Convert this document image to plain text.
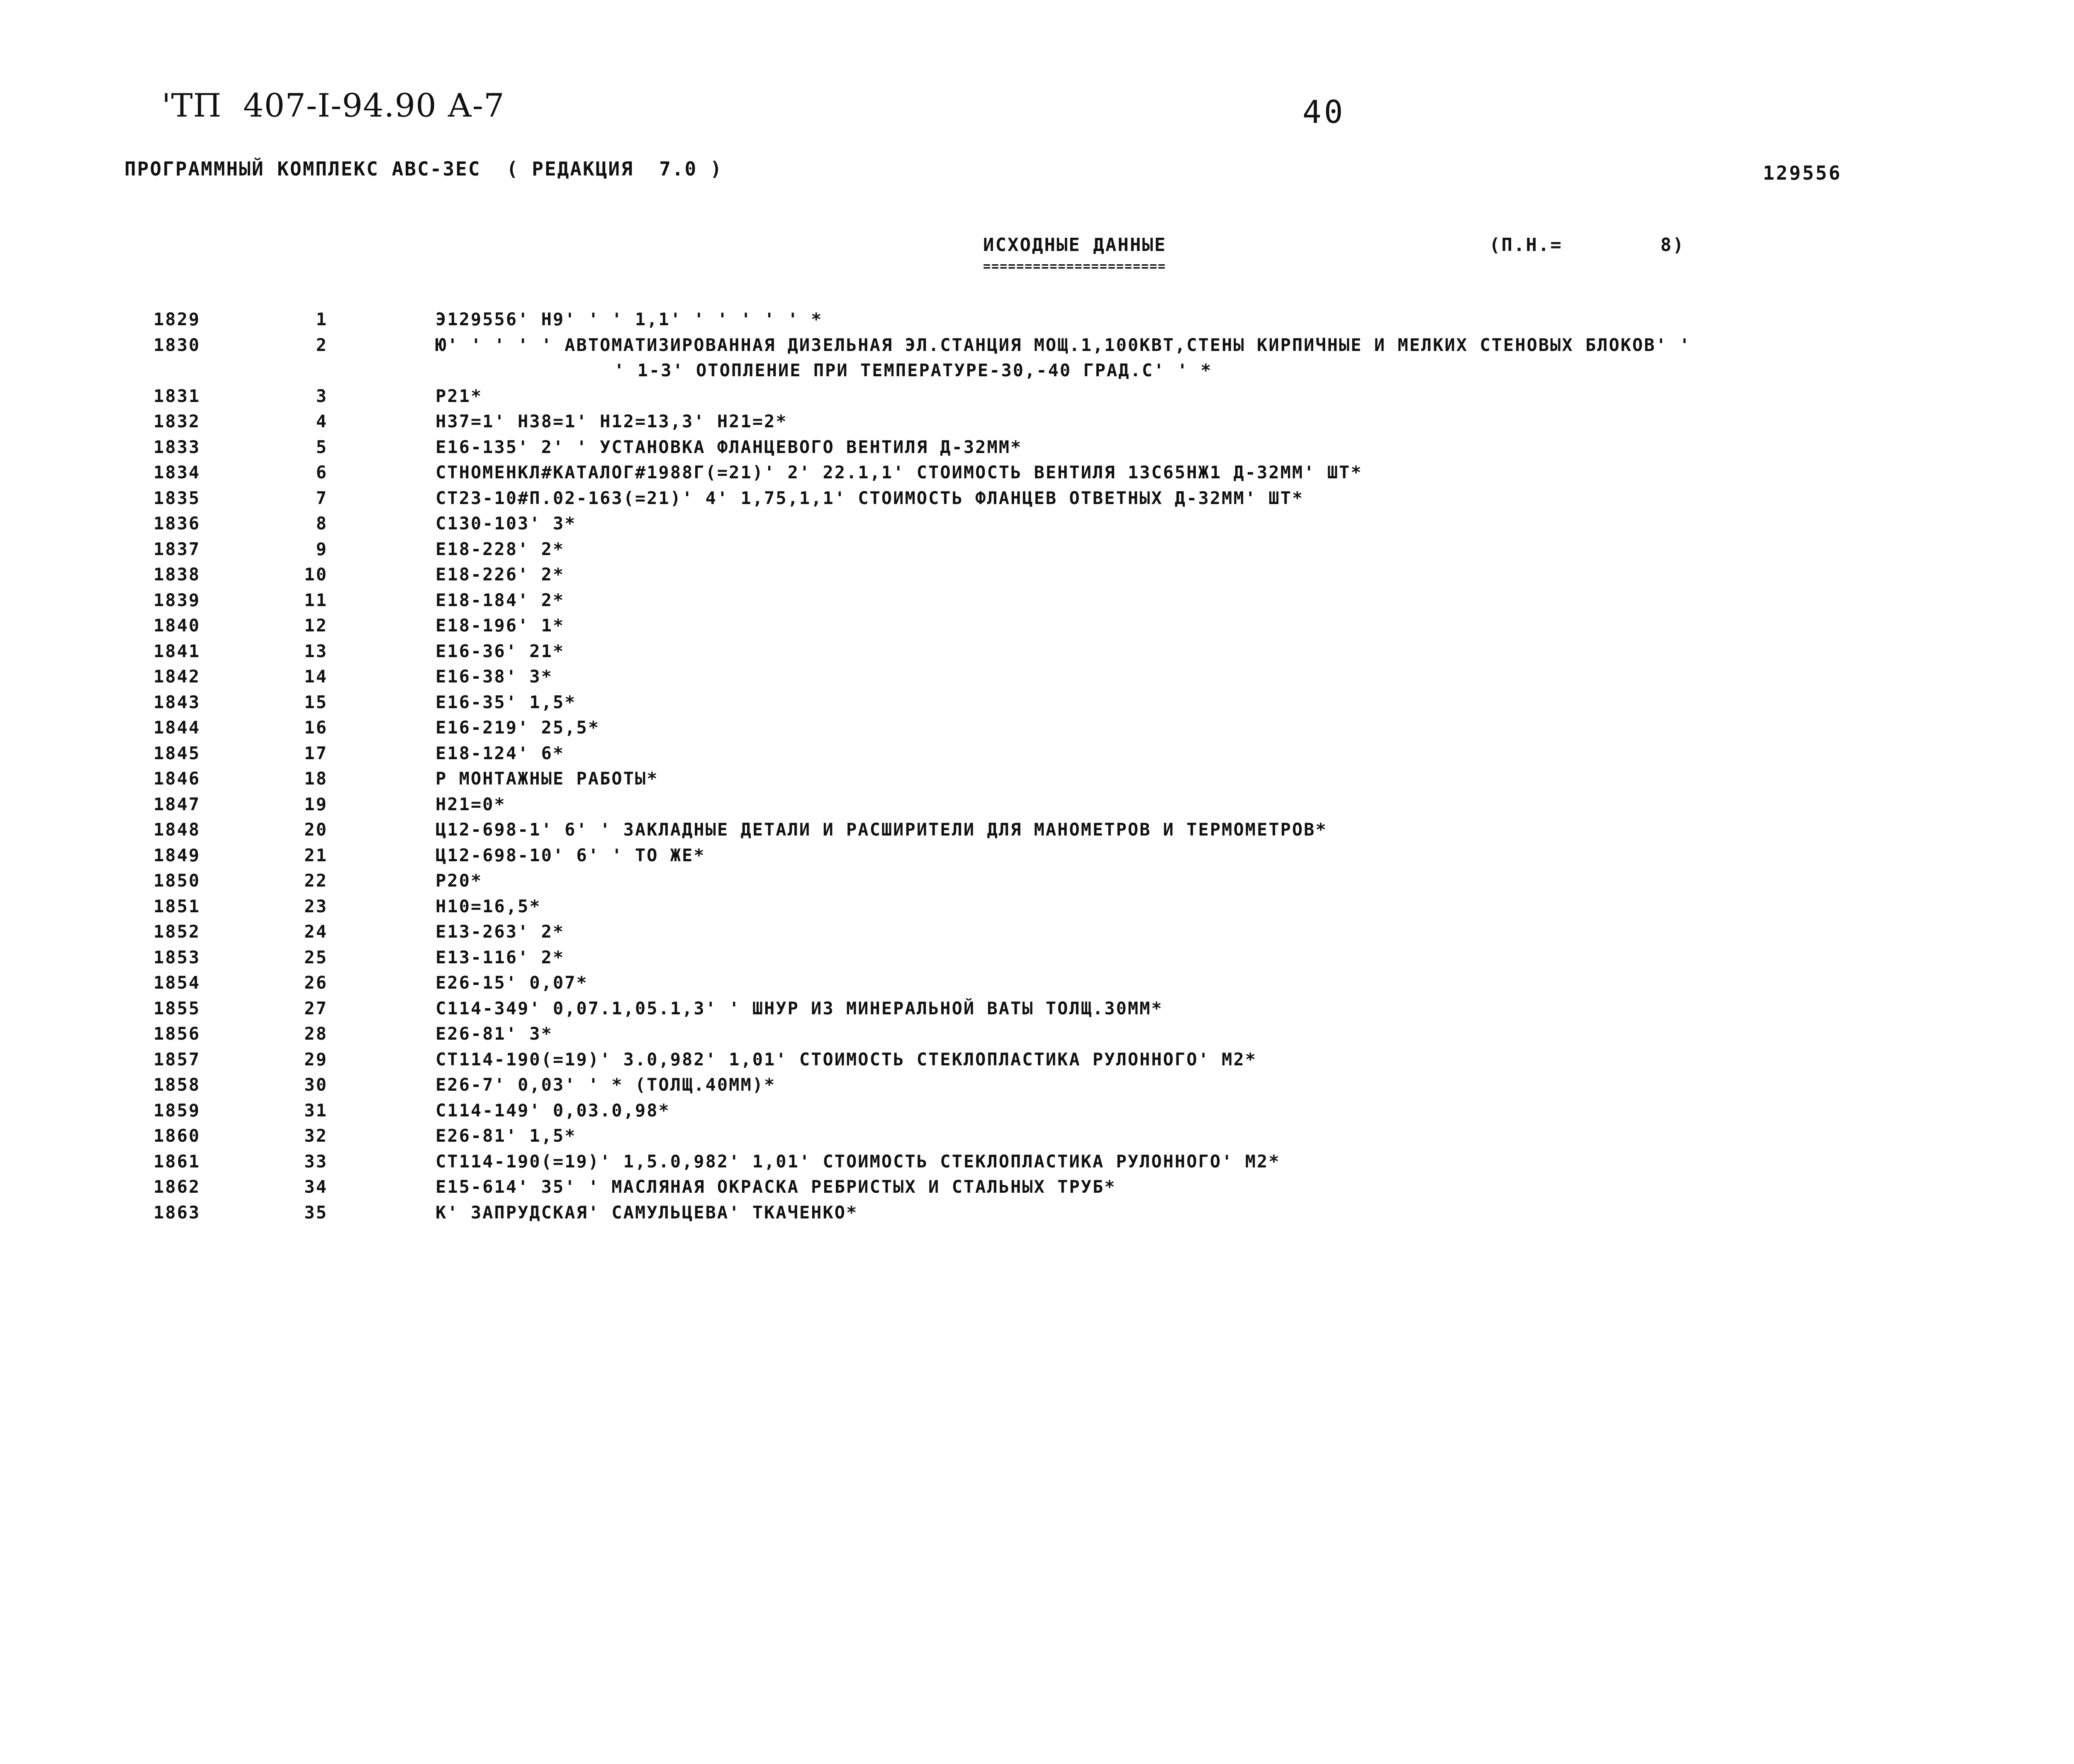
'ТП  407-I-94.90 А-7	40
ПРОГРАММНЫЙ КОМПЛЕКС АВС-3ЕС  ( РЕДАКЦИЯ  7.0 )	129556
ИСХОДНЫЕ ДАННЫЕ	(П.Н.=        8)
======================
1829	1	Э129556' Н9' ' ' 1,1' ' ' ' ' ' *
1830	2	Ю' ' ' ' ' АВТОМАТИЗИРОВАННАЯ ДИЗЕЛЬНАЯ ЭЛ.СТАНЦИЯ МОЩ.1,100КВТ,СТЕНЫ КИРПИЧНЫЕ И МЕЛКИХ СТЕНОВЫХ БЛОКОВ' '
' 1-3' ОТОПЛЕНИЕ ПРИ ТЕМПЕРАТУРЕ-30,-40 ГРАД.С' ' *
1831	3	Р21*
1832	4	Н37=1' Н38=1' Н12=13,3' Н21=2*
1833	5	Е16-135' 2' ' УСТАНОВКА ФЛАНЦЕВОГО ВЕНТИЛЯ Д-32ММ*
1834	6	СТНОМЕНКЛ#КАТАЛОГ#1988Г(=21)' 2' 22.1,1' СТОИМОСТЬ ВЕНТИЛЯ 13С65НЖ1 Д-32ММ' ШТ*
1835	7	СТ23-10#П.02-163(=21)' 4' 1,75,1,1' СТОИМОСТЬ ФЛАНЦЕВ ОТВЕТНЫХ Д-32ММ' ШТ*
1836	8	С130-103' 3*
1837	9	Е18-228' 2*
1838	10	Е18-226' 2*
1839	11	Е18-184' 2*
1840	12	Е18-196' 1*
1841	13	Е16-36' 21*
1842	14	Е16-38' 3*
1843	15	Е16-35' 1,5*
1844	16	Е16-219' 25,5*
1845	17	Е18-124' 6*
1846	18	Р МОНТАЖНЫЕ РАБОТЫ*
1847	19	Н21=0*
1848	20	Ц12-698-1' 6' ' ЗАКЛАДНЫЕ ДЕТАЛИ И РАСШИРИТЕЛИ ДЛЯ МАНОМЕТРОВ И ТЕРМОМЕТРОВ*
1849	21	Ц12-698-10' 6' ' ТО ЖЕ*
1850	22	Р20*
1851	23	Н10=16,5*
1852	24	Е13-263' 2*
1853	25	Е13-116' 2*
1854	26	Е26-15' 0,07*
1855	27	С114-349' 0,07.1,05.1,3' ' ШНУР ИЗ МИНЕРАЛЬНОЙ ВАТЫ ТОЛЩ.30ММ*
1856	28	Е26-81' 3*
1857	29	СТ114-190(=19)' 3.0,982' 1,01' СТОИМОСТЬ СТЕКЛОПЛАСТИКА РУЛОННОГО' М2*
1858	30	Е26-7' 0,03' ' * (ТОЛЩ.40ММ)*
1859	31	С114-149' 0,03.0,98*
1860	32	Е26-81' 1,5*
1861	33	СТ114-190(=19)' 1,5.0,982' 1,01' СТОИМОСТЬ СТЕКЛОПЛАСТИКА РУЛОННОГО' М2*
1862	34	Е15-614' 35' ' МАСЛЯНАЯ ОКРАСКА РЕБРИСТЫХ И СТАЛЬНЫХ ТРУБ*
1863	35	К' ЗАПРУДСКАЯ' САМУЛЬЦЕВА' ТКАЧЕНКО*
